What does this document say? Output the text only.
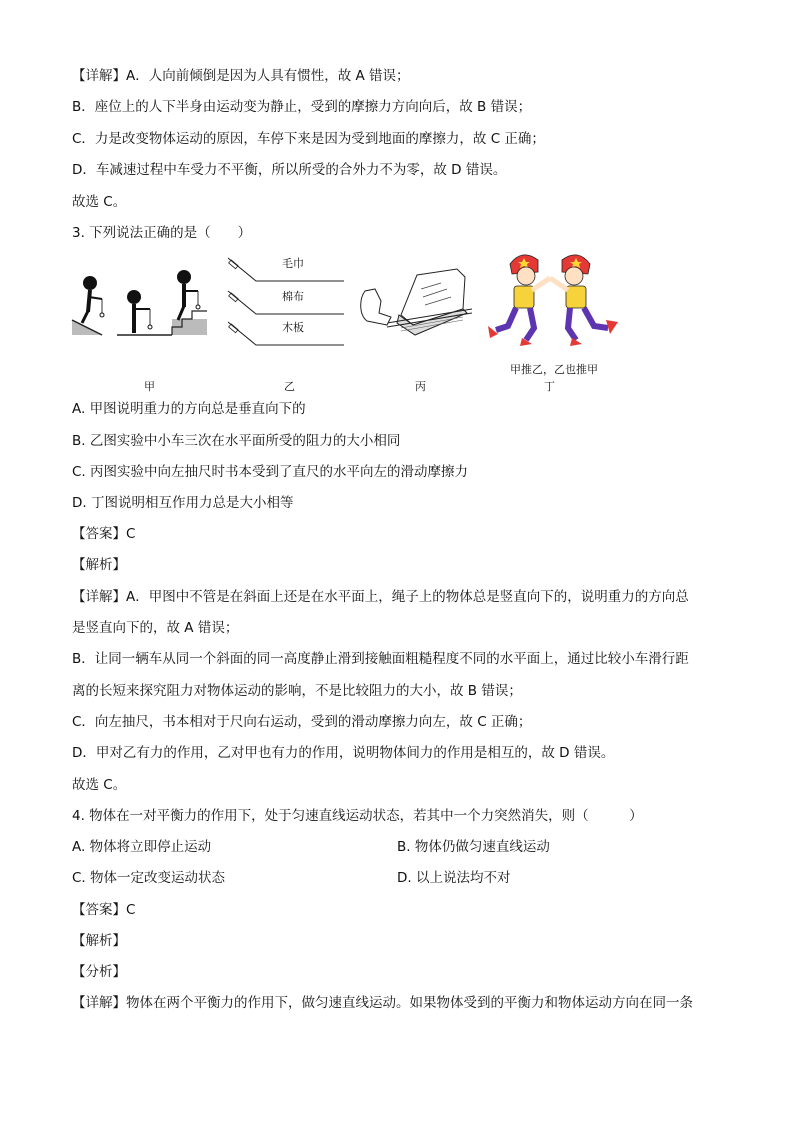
【详解】A．人向前倾倒是因为人具有惯性，故 A 错误；
B．座位上的人下半身由运动变为静止，受到的摩擦力方向向后，故 B 错误；
C．力是改变物体运动的原因，车停下来是因为受到地面的摩擦力，故 C 正确；
D．车减速过程中车受力不平衡，所以所受的合外力不为零，故 D 错误。
故选 C。
3. 下列说法正确的是（　　）
毛巾
棉布
木板
甲推乙，乙也推甲
甲	乙	丙	丁
A. 甲图说明重力的方向总是垂直向下的
B. 乙图实验中小车三次在水平面所受的阻力的大小相同
C. 丙图实验中向左抽尺时书本受到了直尺的水平向左的滑动摩擦力
D. 丁图说明相互作用力总是大小相等
【答案】C
【解析】
【详解】A．甲图中不管是在斜面上还是在水平面上，绳子上的物体总是竖直向下的，说明重力的方向总
是竖直向下的，故 A 错误；
B．让同一辆车从同一个斜面的同一高度静止滑到接触面粗糙程度不同的水平面上，通过比较小车滑行距
离的长短来探究阻力对物体运动的影响，不是比较阻力的大小，故 B 错误；
C．向左抽尺，书本相对于尺向右运动，受到的滑动摩擦力向左，故 C 正确；
D．甲对乙有力的作用，乙对甲也有力的作用，说明物体间力的作用是相互的，故 D 错误。
故选 C。
4. 物体在一对平衡力的作用下，处于匀速直线运动状态，若其中一个力突然消失，则（　　　）
A. 物体将立即停止运动	B. 物体仍做匀速直线运动
C. 物体一定改变运动状态	D. 以上说法均不对
【答案】C
【解析】
【分析】
【详解】物体在两个平衡力的作用下，做匀速直线运动。如果物体受到的平衡力和物体运动方向在同一条
